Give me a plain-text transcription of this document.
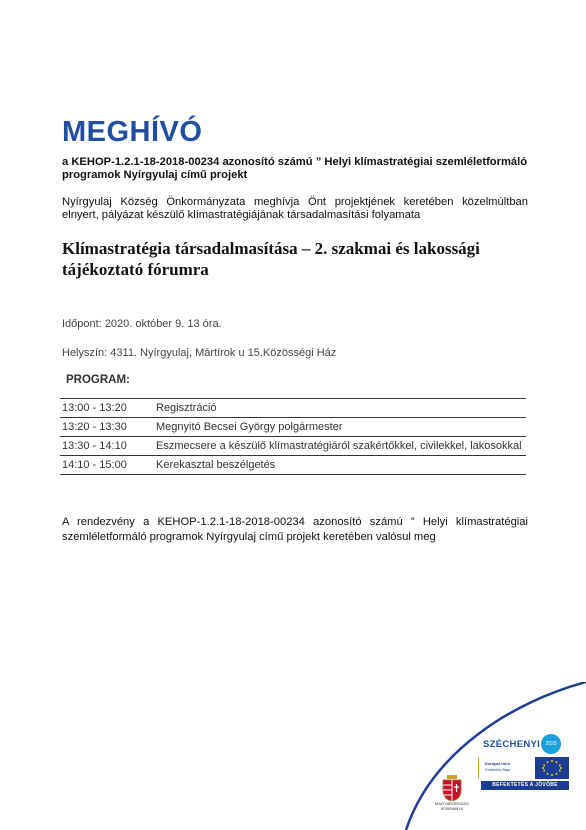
MEGHÍVÓ
a KEHOP-1.2.1-18-2018-00234 azonosító számú ” Helyi klímastratégiai szemléletformáló programok Nyírgyulaj című projekt
Nyírgyulaj Község Önkormányzata meghívja Önt projektjének keretében közelmúltban elnyert, pályázat készülő klímastratégiájának társadalmasítási folyamata
Klímastratégia társadalmasítása – 2. szakmai és lakossági tájékoztató fórumra
Időpont: 2020. október 9. 13 óra.
Helyszín: 4311. Nyírgyulaj, Mártírok u 15.Közösségi Ház
PROGRAM:
13:00 - 13:20	Regisztráció
13:20 - 13:30	Megnyitó Becsei György polgármester
13:30 - 14:10	Eszmecsere a készülő klímastratégiáról szakértőkkel, civilekkel, lakosokkal
14:10 - 15:00	Kerekasztal beszélgetés
A rendezvény a KEHOP-1.2.1-18-2018-00234 azonosító számú ” Helyi klímastratégiai szemléletformáló programok Nyírgyulaj című projekt keretében valósul meg
SZÉCHENYI	2020
MAGYARORSZÁG
KORMÁNYA
Európai Unió
Kohéziós Alap
BEFEKTETÉS A JÖVŐBE
